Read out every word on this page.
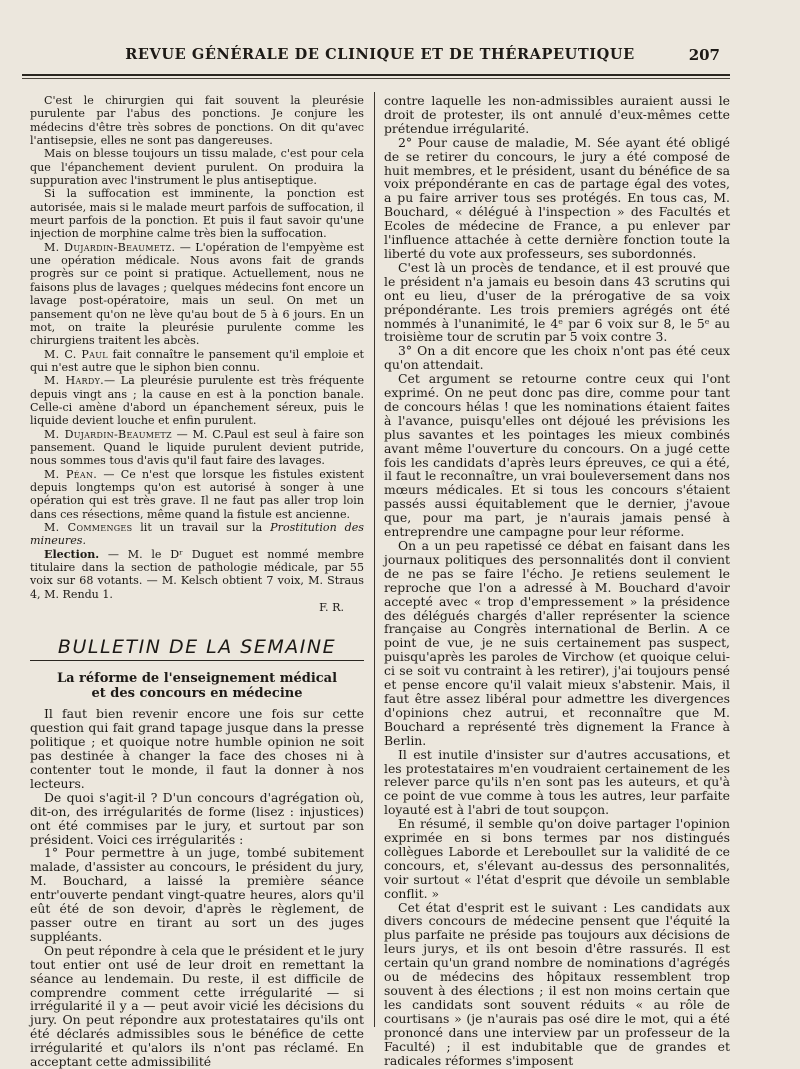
REVUE GÉNÉRALE DE CLINIQUE ET DE THÉRAPEUTIQUE	207

C'est le chirurgien qui fait souvent la pleurésie purulente par l'abus des ponctions. Je conjure les médecins d'être très sobres de ponctions. On dit qu'avec l'antisepsie, elles ne sont pas dangereuses.

Mais on blesse toujours un tissu malade, c'est pour cela que l'épanchement devient purulent. On produira la suppuration avec l'instrument le plus antiseptique.

Si la suffocation est imminente, la ponction est autorisée, mais si le malade meurt parfois de suffocation, il meurt parfois de la ponction. Et puis il faut savoir qu'une injection de morphine calme très bien la suffocation.

M. Dujardin-Beaumetz. — L'opération de l'empyème est une opération médicale. Nous avons fait de grands progrès sur ce point si pratique. Actuellement, nous ne faisons plus de lavages ; quelques médecins font encore un lavage post-opératoire, mais un seul. On met un pansement qu'on ne lève qu'au bout de 5 à 6 jours. En un mot, on traite la pleurésie purulente comme les chirurgiens traitent les abcès.

M. C. Paul fait connaître le pansement qu'il emploie et qui n'est autre que le siphon bien connu.

M. Hardy.— La pleurésie purulente est très fréquente depuis vingt ans ; la cause en est à la ponction banale. Celle-ci amène d'abord un épanchement séreux, puis le liquide devient louche et enfin purulent.

M. Dujardin-Beaumetz — M. C.Paul est seul à faire son pansement. Quand le liquide purulent devient putride, nous sommes tous d'avis qu'il faut faire des lavages.

M. Péan. — Ce n'est que lorsque les fistules existent depuis longtemps qu'on est autorisé à songer à une opération qui est très grave. Il ne faut pas aller trop loin dans ces résections, même quand la fistule est ancienne.

M. Commenges lit un travail sur la Prostitution des mineures.

Election. — M. le Dʳ Duguet est nommé membre titulaire dans la section de pathologie médicale, par 55 voix sur 68 votants. — M. Kelsch obtient 7 voix, M. Straus 4, M. Rendu 1.

F. R.

BULLETIN DE LA SEMAINE
La réforme de l'enseignement médical
et des concours en médecine

Il faut bien revenir encore une fois sur cette question qui fait grand tapage jusque dans la presse politique ; et quoique notre humble opinion ne soit pas destinée à changer la face des choses ni à contenter tout le monde, il faut la donner à nos lecteurs.

De quoi s'agit-il ? D'un concours d'agrégation où, dit-on, des irrégularités de forme (lisez : injustices) ont été commises par le jury, et surtout par son président. Voici ces irrégularités :

1° Pour permettre à un juge, tombé subitement malade, d'assister au concours, le président du jury, M. Bouchard, a laissé la première séance entr'ouverte pendant vingt-quatre heures, alors qu'il eût été de son devoir, d'après le règlement, de passer outre en tirant au sort un des juges suppléants.

On peut répondre à cela que le président et le jury tout entier ont usé de leur droit en remettant la séance au lendemain. Du reste, il est difficile de comprendre comment cette irrégularité — si irrégularité il y a — peut avoir vicié les décisions du jury. On peut répondre aux protestataires qu'ils ont été déclarés admissibles sous le bénéfice de cette irrégularité et qu'alors ils n'ont pas réclamé. En acceptant cette admissibilité

contre laquelle les non-admissibles auraient aussi le droit de protester, ils ont annulé d'eux-mêmes cette prétendue irrégularité.

2° Pour cause de maladie, M. Sée ayant été obligé de se retirer du concours, le jury a été composé de huit membres, et le président, usant du bénéfice de sa voix prépondérante en cas de partage égal des votes, a pu faire arriver tous ses protégés. En tous cas, M. Bouchard, « délégué à l'inspection » des Facultés et Ecoles de médecine de France, a pu enlever par l'influence attachée à cette dernière fonction toute la liberté du vote aux professeurs, ses subordonnés.

C'est là un procès de tendance, et il est prouvé que le président n'a jamais eu besoin dans 43 scrutins qui ont eu lieu, d'user de la prérogative de sa voix prépondérante. Les trois premiers agrégés ont été nommés à l'unanimité, le 4ᵉ par 6 voix sur 8, le 5ᵉ au troisième tour de scrutin par 5 voix contre 3.

3° On a dit encore que les choix n'ont pas été ceux qu'on attendait.

Cet argument se retourne contre ceux qui l'ont exprimé. On ne peut donc pas dire, comme pour tant de concours hélas ! que les nominations étaient faites à l'avance, puisqu'elles ont déjoué les prévisions les plus savantes et les pointages les mieux combinés avant même l'ouverture du concours. On a jugé cette fois les candidats d'après leurs épreuves, ce qui a été, il faut le reconnaître, un vrai bouleversement dans nos mœurs médicales. Et si tous les concours s'étaient passés aussi équitablement que le dernier, j'avoue que, pour ma part, je n'aurais jamais pensé à entreprendre une campagne pour leur réforme.

On a un peu rapetissé ce débat en faisant dans les journaux politiques des personnalités dont il convient de ne pas se faire l'écho. Je retiens seulement le reproche que l'on a adressé à M. Bouchard d'avoir accepté avec « trop d'empressement » la présidence des délégués chargés d'aller représenter la science française au Congrès international de Berlin. A ce point de vue, je ne suis certainement pas suspect, puisqu'après les paroles de Virchow (et quoique celui-ci se soit vu contraint à les retirer), j'ai toujours pensé et pense encore qu'il valait mieux s'abstenir. Mais, il faut être assez libéral pour admettre les divergences d'opinions chez autrui, et reconnaître que M. Bouchard a représenté très dignement la France à Berlin.

Il est inutile d'insister sur d'autres accusations, et les protestataires m'en voudraient certainement de les relever parce qu'ils n'en sont pas les auteurs, et qu'à ce point de vue comme à tous les autres, leur parfaite loyauté est à l'abri de tout soupçon.

En résumé, il semble qu'on doive partager l'opinion exprimée en si bons termes par nos distingués collègues Laborde et Lereboullet sur la validité de ce concours, et, s'élevant au-dessus des personnalités, voir surtout « l'état d'esprit que dévoile un semblable conflit. »

Cet état d'esprit est le suivant : Les candidats aux divers concours de médecine pensent que l'équité la plus parfaite ne préside pas toujours aux décisions de leurs jurys, et ils ont besoin d'être rassurés. Il est certain qu'un grand nombre de nominations d'agrégés ou de médecins des hôpitaux ressemblent trop souvent à des élections ; il est non moins certain que les candidats sont souvent réduits « au rôle de courtisans » (je n'aurais pas osé dire le mot, qui a été prononcé dans une interview par un professeur de la Faculté) ; il est indubitable que de grandes et radicales réformes s'imposent
